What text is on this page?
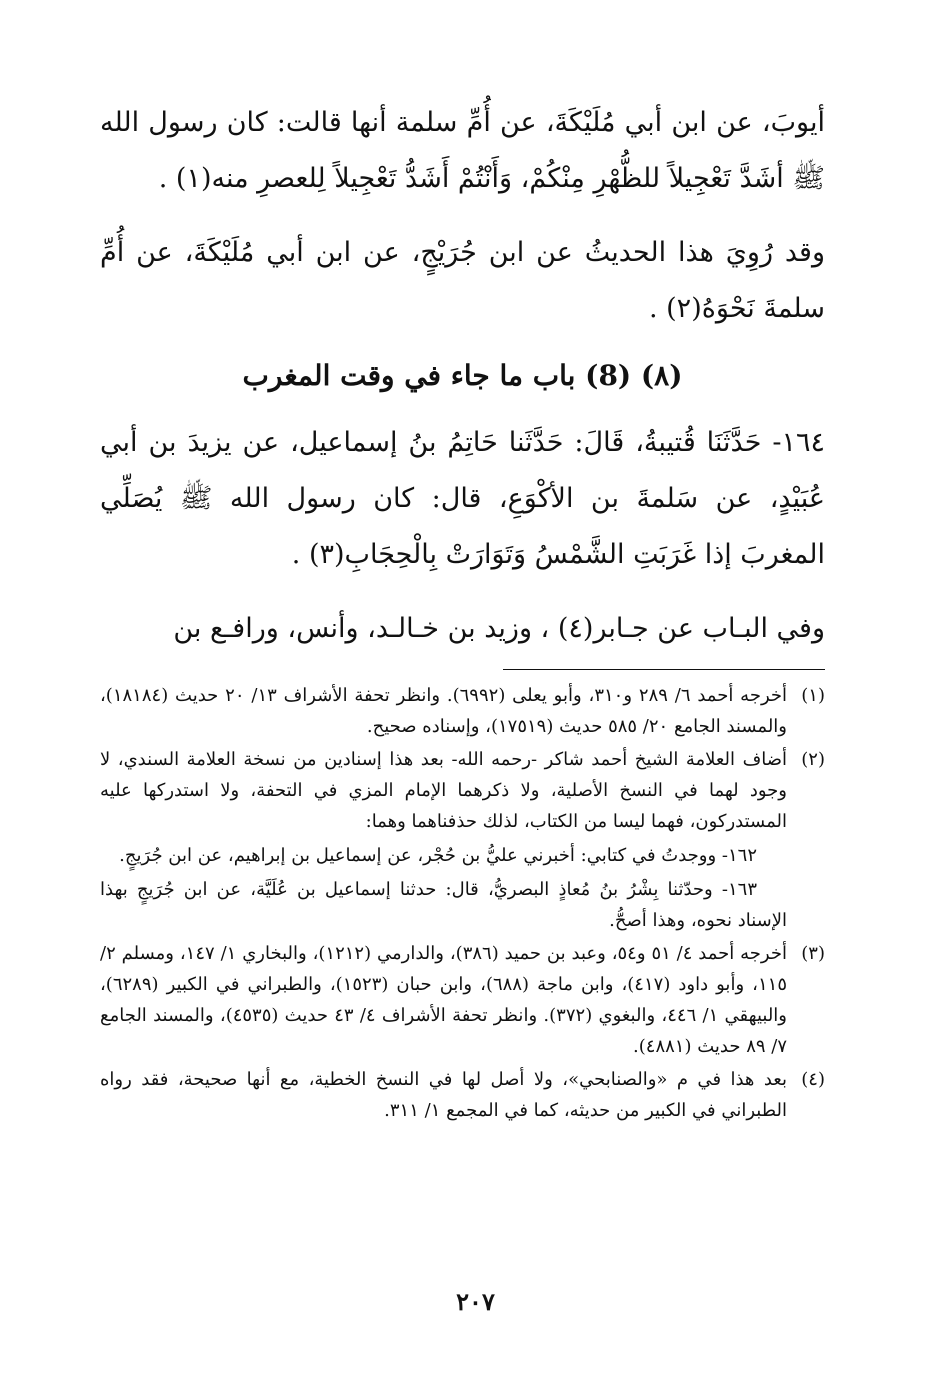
أيوبَ، عن ابن أبي مُلَيْكَةَ، عن أُمِّ سلمة أنها قالت: كان رسول الله ﷺ أشَدَّ تَعْجِيلاً للظُّهْرِ مِنْكُمْ، وَأَنْتُمْ أَشَدُّ تَعْجِيلاً لِلعصرِ منه(١) .

وقد رُوِيَ هذا الحديثُ عن ابن جُرَيْجٍ، عن ابن أبي مُلَيْكَةَ، عن أُمِّ سلمةَ نَحْوَهُ(٢) .

(٨) (8) باب ما جاء في وقت المغرب

١٦٤- حَدَّثَنَا قُتيبةُ، قَالَ: حَدَّثَنا حَاتِمُ بنُ إسماعيل، عن يزيدَ بن أبي عُبَيْدٍ، عن سَلمةَ بن الأكْوَعِ، قال: كان رسول الله ﷺ يُصَلِّي المغربَ إذا غَرَبَتِ الشَّمْسُ وَتَوَارَتْ بِالْحِجَابِ(٣) .

وفي البـاب عن جـابر(٤) ، وزيد بن خـالـد، وأنس، ورافـع بن

(١)

أخرجه أحمد ٦/ ٢٨٩ و٣١٠، وأبو يعلى (٦٩٩٢). وانظر تحفة الأشراف ١٣/ ٢٠ حديث (١٨١٨٤)، والمسند الجامع ٢٠/ ٥٨٥ حديث (١٧٥١٩)، وإسناده صحيح.

(٢)

أضاف العلامة الشيخ أحمد شاكر -رحمه الله- بعد هذا إسنادين من نسخة العلامة السندي، لا وجود لهما في النسخ الأصلية، ولا ذكرهما الإمام المزي في التحفة، ولا استدركها عليه المستدركون، فهما ليسا من الكتاب، لذلك حذفناهما وهما:

١٦٢- ووجدتُ في كتابي: أخبرني عليُّ بن حُجْر، عن إسماعيل بن إبراهيم، عن ابن جُرَيجٍ.

١٦٣- وحدّثنا بِشْرُ بنُ مُعاذٍ البصريُّ، قال: حدثنا إسماعيل بن عُلَيَّة، عن ابن جُرَيجٍ بهذا الإسناد نحوه، وهذا أصحُّ.

(٣)

أخرجه أحمد ٤/ ٥١ و٥٤، وعبد بن حميد (٣٨٦)، والدارمي (١٢١٢)، والبخاري ١/ ١٤٧، ومسلم ٢/ ١١٥، وأبو داود (٤١٧)، وابن ماجة (٦٨٨)، وابن حبان (١٥٢٣)، والطبراني في الكبير (٦٢٨٩)، والبيهقي ١/ ٤٤٦، والبغوي (٣٧٢). وانظر تحفة الأشراف ٤/ ٤٣ حديث (٤٥٣٥)، والمسند الجامع ٧/ ٨٩ حديث (٤٨٨١).

(٤)

بعد هذا في م «والصنابحي»، ولا أصل لها في النسخ الخطية، مع أنها صحيحة، فقد رواه الطبراني في الكبير من حديثه، كما في المجمع ١/ ٣١١.

٢٠٧
